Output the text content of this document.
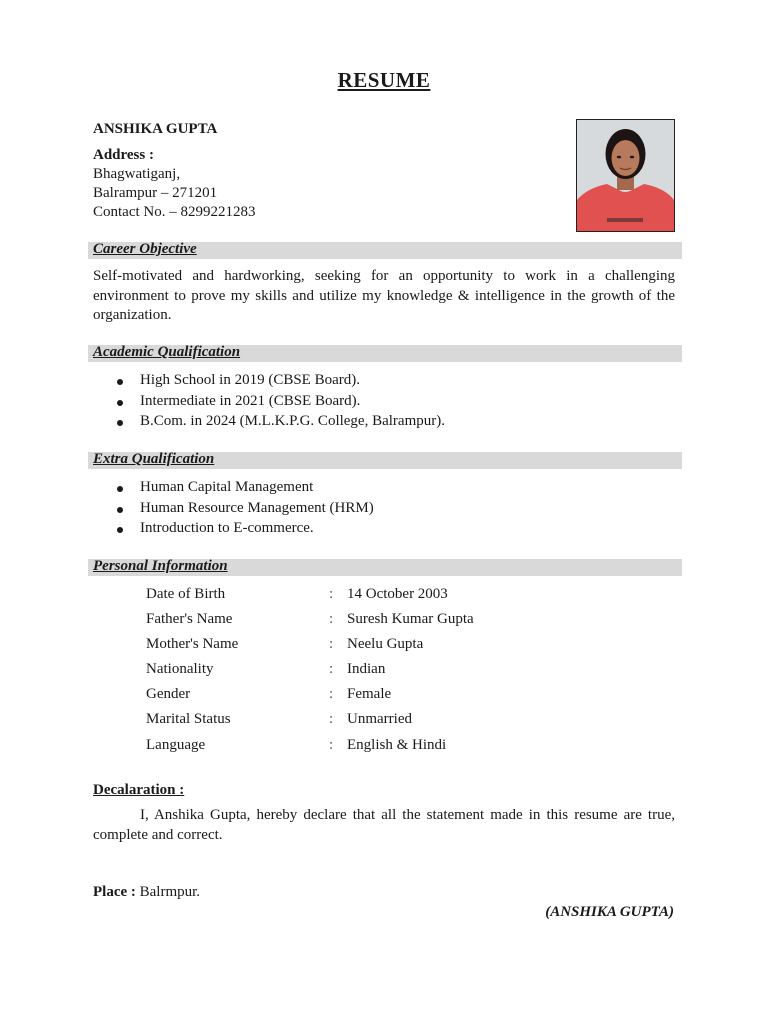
RESUME
ANSHIKA GUPTA
Address :
Bhagwatiganj,
Balrampur – 271201
Contact No. – 8299221283
Career Objective
Self-motivated and hardworking, seeking for an opportunity to work in a challenging environment to prove my skills and utilize my knowledge & intelligence in the growth of the organization.
Academic Qualification
High School in 2019 (CBSE Board).
Intermediate in 2021 (CBSE Board).
B.Com. in 2024 (M.L.K.P.G. College, Balrampur).
Extra Qualification
Human Capital Management
Human Resource Management (HRM)
Introduction to E-commerce.
Personal Information
Date of Birth	: 14 October 2003
Father's Name	: Suresh Kumar Gupta
Mother's Name	: Neelu Gupta
Nationality	: Indian
Gender	: Female
Marital Status	: Unmarried
Language	: English & Hindi
Decalaration :
I, Anshika Gupta, hereby declare that all the statement made in this resume are true, complete and correct.
Place : Balrmpur.
(ANSHIKA GUPTA)
